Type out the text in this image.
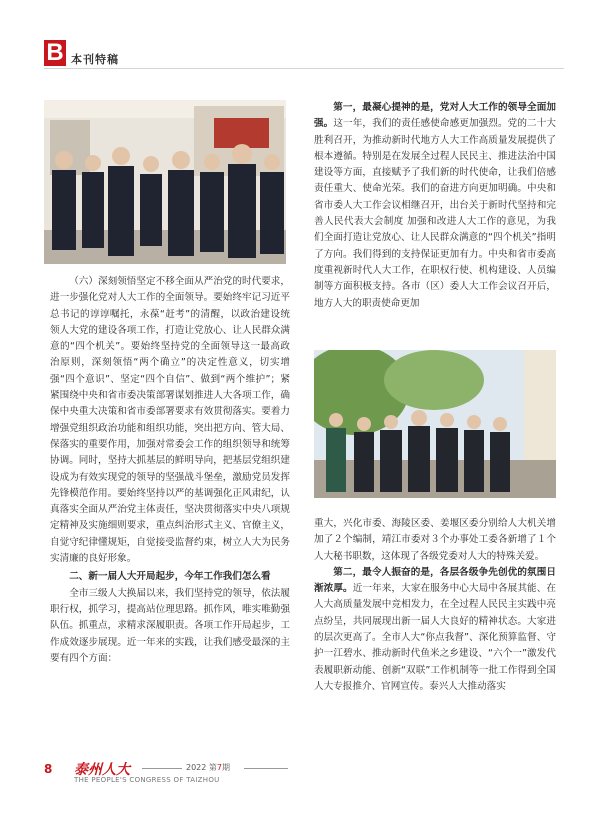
B 本刊特稿

（六）深刻领悟坚定不移全面从严治党的时代要求，进一步强化党对人大工作的全面领导。要始终牢记习近平总书记的谆谆嘱托，永葆“赶考”的清醒，以政治建设统领人大党的建设各项工作，打造让党放心、让人民群众满意的“四个机关”。要始终坚持党的全面领导这一最高政治原则，深刻领悟“两个确立”的决定性意义，切实增强“四个意识”、坚定“四个自信”、做到“两个维护”；紧紧围绕中央和省市委决策部署谋划推进人大各项工作，确保中央重大决策和省市委部署要求有效贯彻落实。要着力增强党组织政治功能和组织功能，突出把方向、管大局、保落实的重要作用，加强对常委会工作的组织领导和统筹协调。同时，坚持大抓基层的鲜明导向，把基层党组织建设成为有效实现党的领导的坚强战斗堡垒，激励党员发挥先锋模范作用。要始终坚持以严的基调强化正风肃纪，认真落实全面从严治党主体责任，坚决贯彻落实中央八项规定精神及实施细则要求，重点纠治形式主义、官僚主义，自觉守纪律懂规矩，自觉接受监督约束，树立人大为民务实清廉的良好形象。

二、新一届人大开局起步，今年工作我们怎么看

全市三级人大换届以来，我们坚持党的领导，依法履职行权，抓学习，提高站位理思路。抓作风，唯实唯勤强队伍。抓重点，求精求深履职责。各项工作开局起步，工作成效逐步展现。近一年来的实践，让我们感受最深的主要有四个方面：

第一，最凝心提神的是，党对人大工作的领导全面加强。这一年，我们的责任感使命感更加强烈。党的二十大胜利召开，为推动新时代地方人大工作高质量发展提供了根本遵循。特别是在发展全过程人民民主、推进法治中国建设等方面，直接赋予了我们新的时代使命，让我们倍感责任重大、使命光荣。我们的奋进方向更加明确。中央和省市委人大工作会议相继召开，出台关于新时代坚持和完善人民代表大会制度 加强和改进人大工作的意见，为我们全面打造让党放心、让人民群众满意的“四个机关”指明了方向。我们得到的支持保证更加有力。中央和省市委高度重视新时代人大工作，在职权行使、机构建设、人员编制等方面积极支持。各市（区）委人大工作会议召开后，地方人大的职责使命更加

重大，兴化市委、海陵区委、姜堰区委分别给人大机关增加了２个编制，靖江市委对３个办事处工委各新增了１个人大秘书职数，这体现了各级党委对人大的特殊关爱。

第二，最令人振奋的是，各层各级争先创优的氛围日渐浓厚。近一年来，大家在服务中心大局中各展其能、在人大高质量发展中竞相发力，在全过程人民民主实践中亮点纷呈，共同展现出新一届人大良好的精神状态。大家进的层次更高了。全市人大“你点我督”、深化预算监督、守护一江碧水、推动新时代鱼米之乡建设、“六个一”激发代表履职新动能、创新“双联”工作机制等一批工作得到全国人大专报推介、官网宣传。泰兴人大推动落实

8 泰州人大	2022 第7期
THE PEOPLE'S CONGRESS OF TAIZHOU
